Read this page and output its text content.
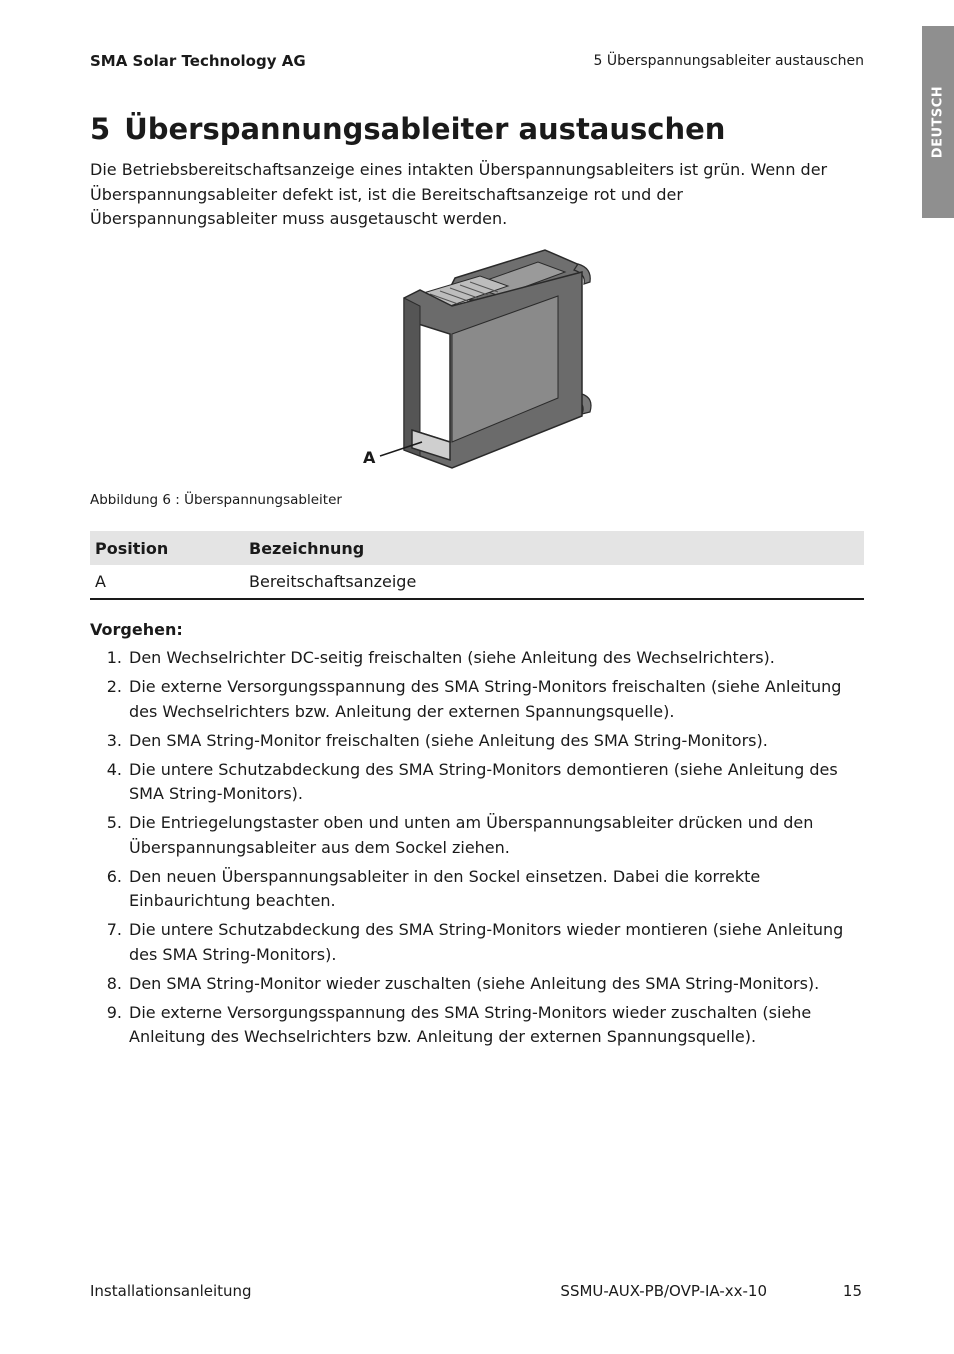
SMA Solar Technology AG	5 Überspannungsableiter austauschen
DEUTSCH
5 Überspannungsableiter austauschen

Die Betriebsbereitschaftsanzeige eines intakten Überspannungsableiters ist grün. Wenn der Überspannungsableiter defekt ist, ist die Bereitschaftsanzeige rot und der Überspannungsableiter muss ausgetauscht werden.

A
Abbildung 6 : Überspannungsableiter
Position	Bezeichnung
A	Bereitschaftsanzeige
Vorgehen:
1. Den Wechselrichter DC-seitig freischalten (siehe Anleitung des Wechselrichters).
2. Die externe Versorgungsspannung des SMA String-Monitors freischalten (siehe Anleitung des Wechselrichters bzw. Anleitung der externen Spannungsquelle).
3. Den SMA String-Monitor freischalten (siehe Anleitung des SMA String-Monitors).
4. Die untere Schutzabdeckung des SMA String-Monitors demontieren (siehe Anleitung des SMA String-Monitors).
5. Die Entriegelungstaster oben und unten am Überspannungsableiter drücken und den Überspannungsableiter aus dem Sockel ziehen.
6. Den neuen Überspannungsableiter in den Sockel einsetzen. Dabei die korrekte Einbaurichtung beachten.
7. Die untere Schutzabdeckung des SMA String-Monitors wieder montieren (siehe Anleitung des SMA String-Monitors).
8. Den SMA String-Monitor wieder zuschalten (siehe Anleitung des SMA String-Monitors).
9. Die externe Versorgungsspannung des SMA String-Monitors wieder zuschalten (siehe Anleitung des Wechselrichters bzw. Anleitung der externen Spannungsquelle).
Installationsanleitung	SSMU-AUX-PB/OVP-IA-xx-10	15
